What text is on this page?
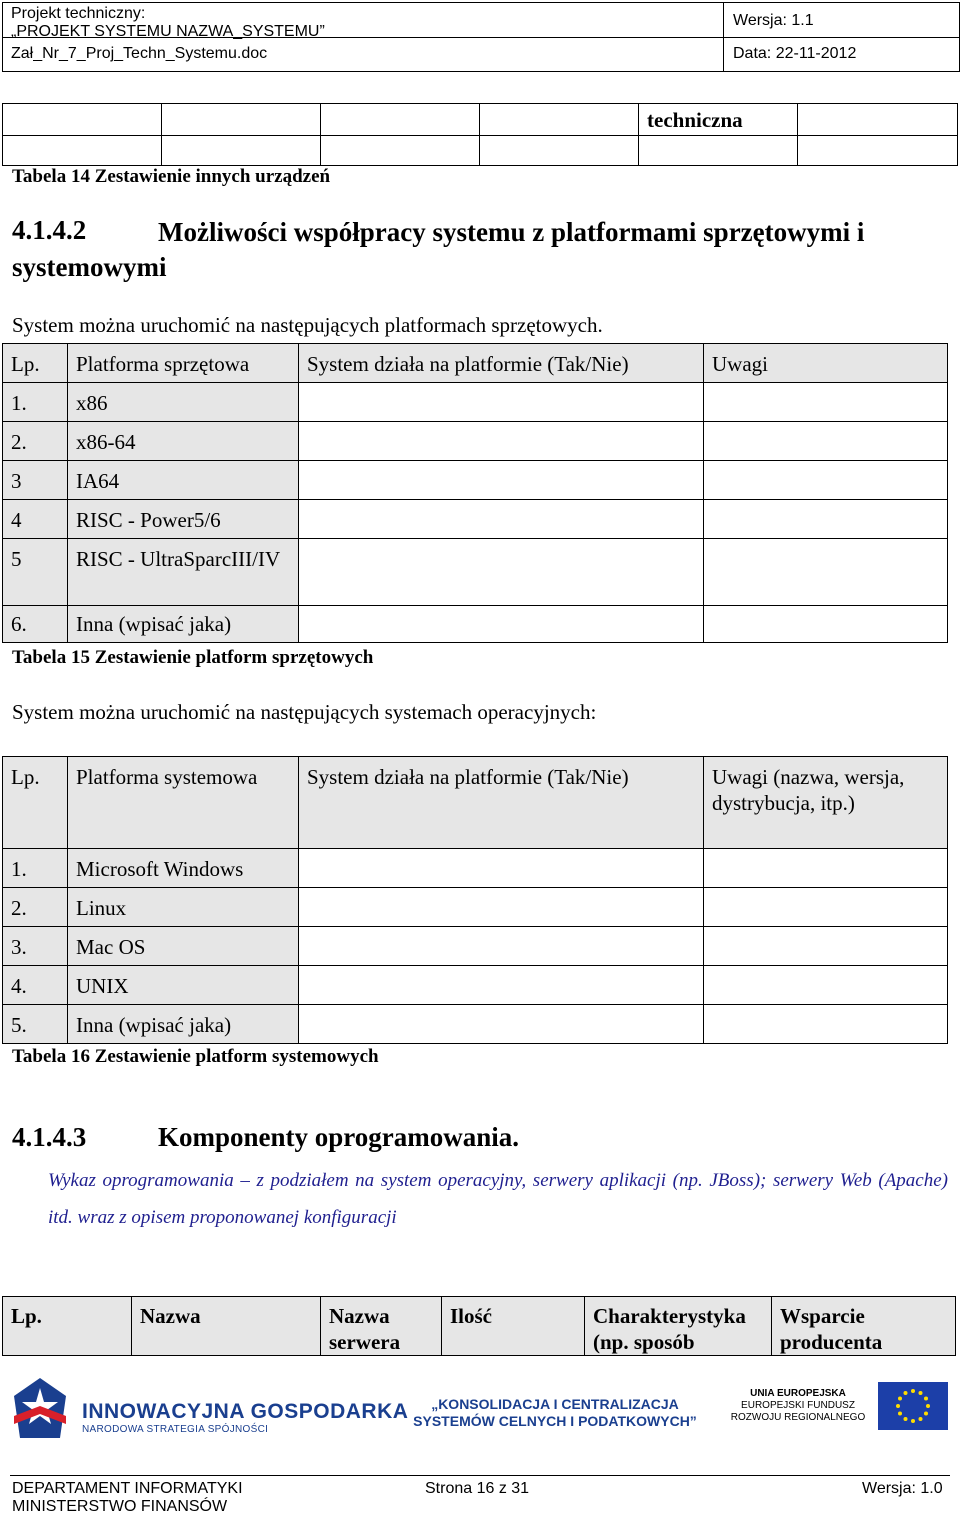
Projekt techniczny:
„PROJEKT SYSTEMU NAZWA_SYSTEMU”
Zał_Nr_7_Proj_Techn_Systemu.doc
Wersja: 1.1
Data: 22-11-2012
				techniczna	

Tabela 14 Zestawienie innych urządzeń
4.1.4.2	Możliwości współpracy systemu z platformami sprzętowymi i systemowymi
System można uruchomić na następujących platformach sprzętowych.
Lp.	Platforma sprzętowa	System działa na platformie (Tak/Nie)	Uwagi
1.	x86		
2.	x86-64		
3	IA64		
4	RISC - Power5/6		
5	RISC - UltraSparcIII/IV		
6.	Inna (wpisać jaka)		
Tabela 15 Zestawienie platform sprzętowych
System można uruchomić na następujących systemach operacyjnych:
Lp.	Platforma systemowa	System działa na platformie (Tak/Nie)	Uwagi (nazwa, wersja, dystrybucja, itp.)
1.	Microsoft Windows		
2.	Linux		
3.	Mac OS		
4.	UNIX		
5.	Inna (wpisać jaka)		
Tabela 16 Zestawienie platform systemowych
4.1.4.3	Komponenty oprogramowania.
Wykaz oprogramowania – z podziałem na system operacyjny, serwery aplikacji (np. JBoss); serwery Web (Apache) itd. wraz z opisem proponowanej konfiguracji
Lp.	Nazwa	Nazwa serwera	Ilość	Charakterystyka (np. sposób	Wsparcie producenta
INNOWACYJNA GOSPODARKA
NARODOWA STRATEGIA SPÓJNOŚCI
„KONSOLIDACJA I CENTRALIZACJA
SYSTEMÓW CELNYCH I PODATKOWYCH”
UNIA EUROPEJSKA
EUROPEJSKI FUNDUSZ
ROZWOJU REGIONALNEGO
DEPARTAMENT INFORMATYKI
MINISTERSTWO FINANSÓW
Strona 16 z 31	Wersja: 1.0
